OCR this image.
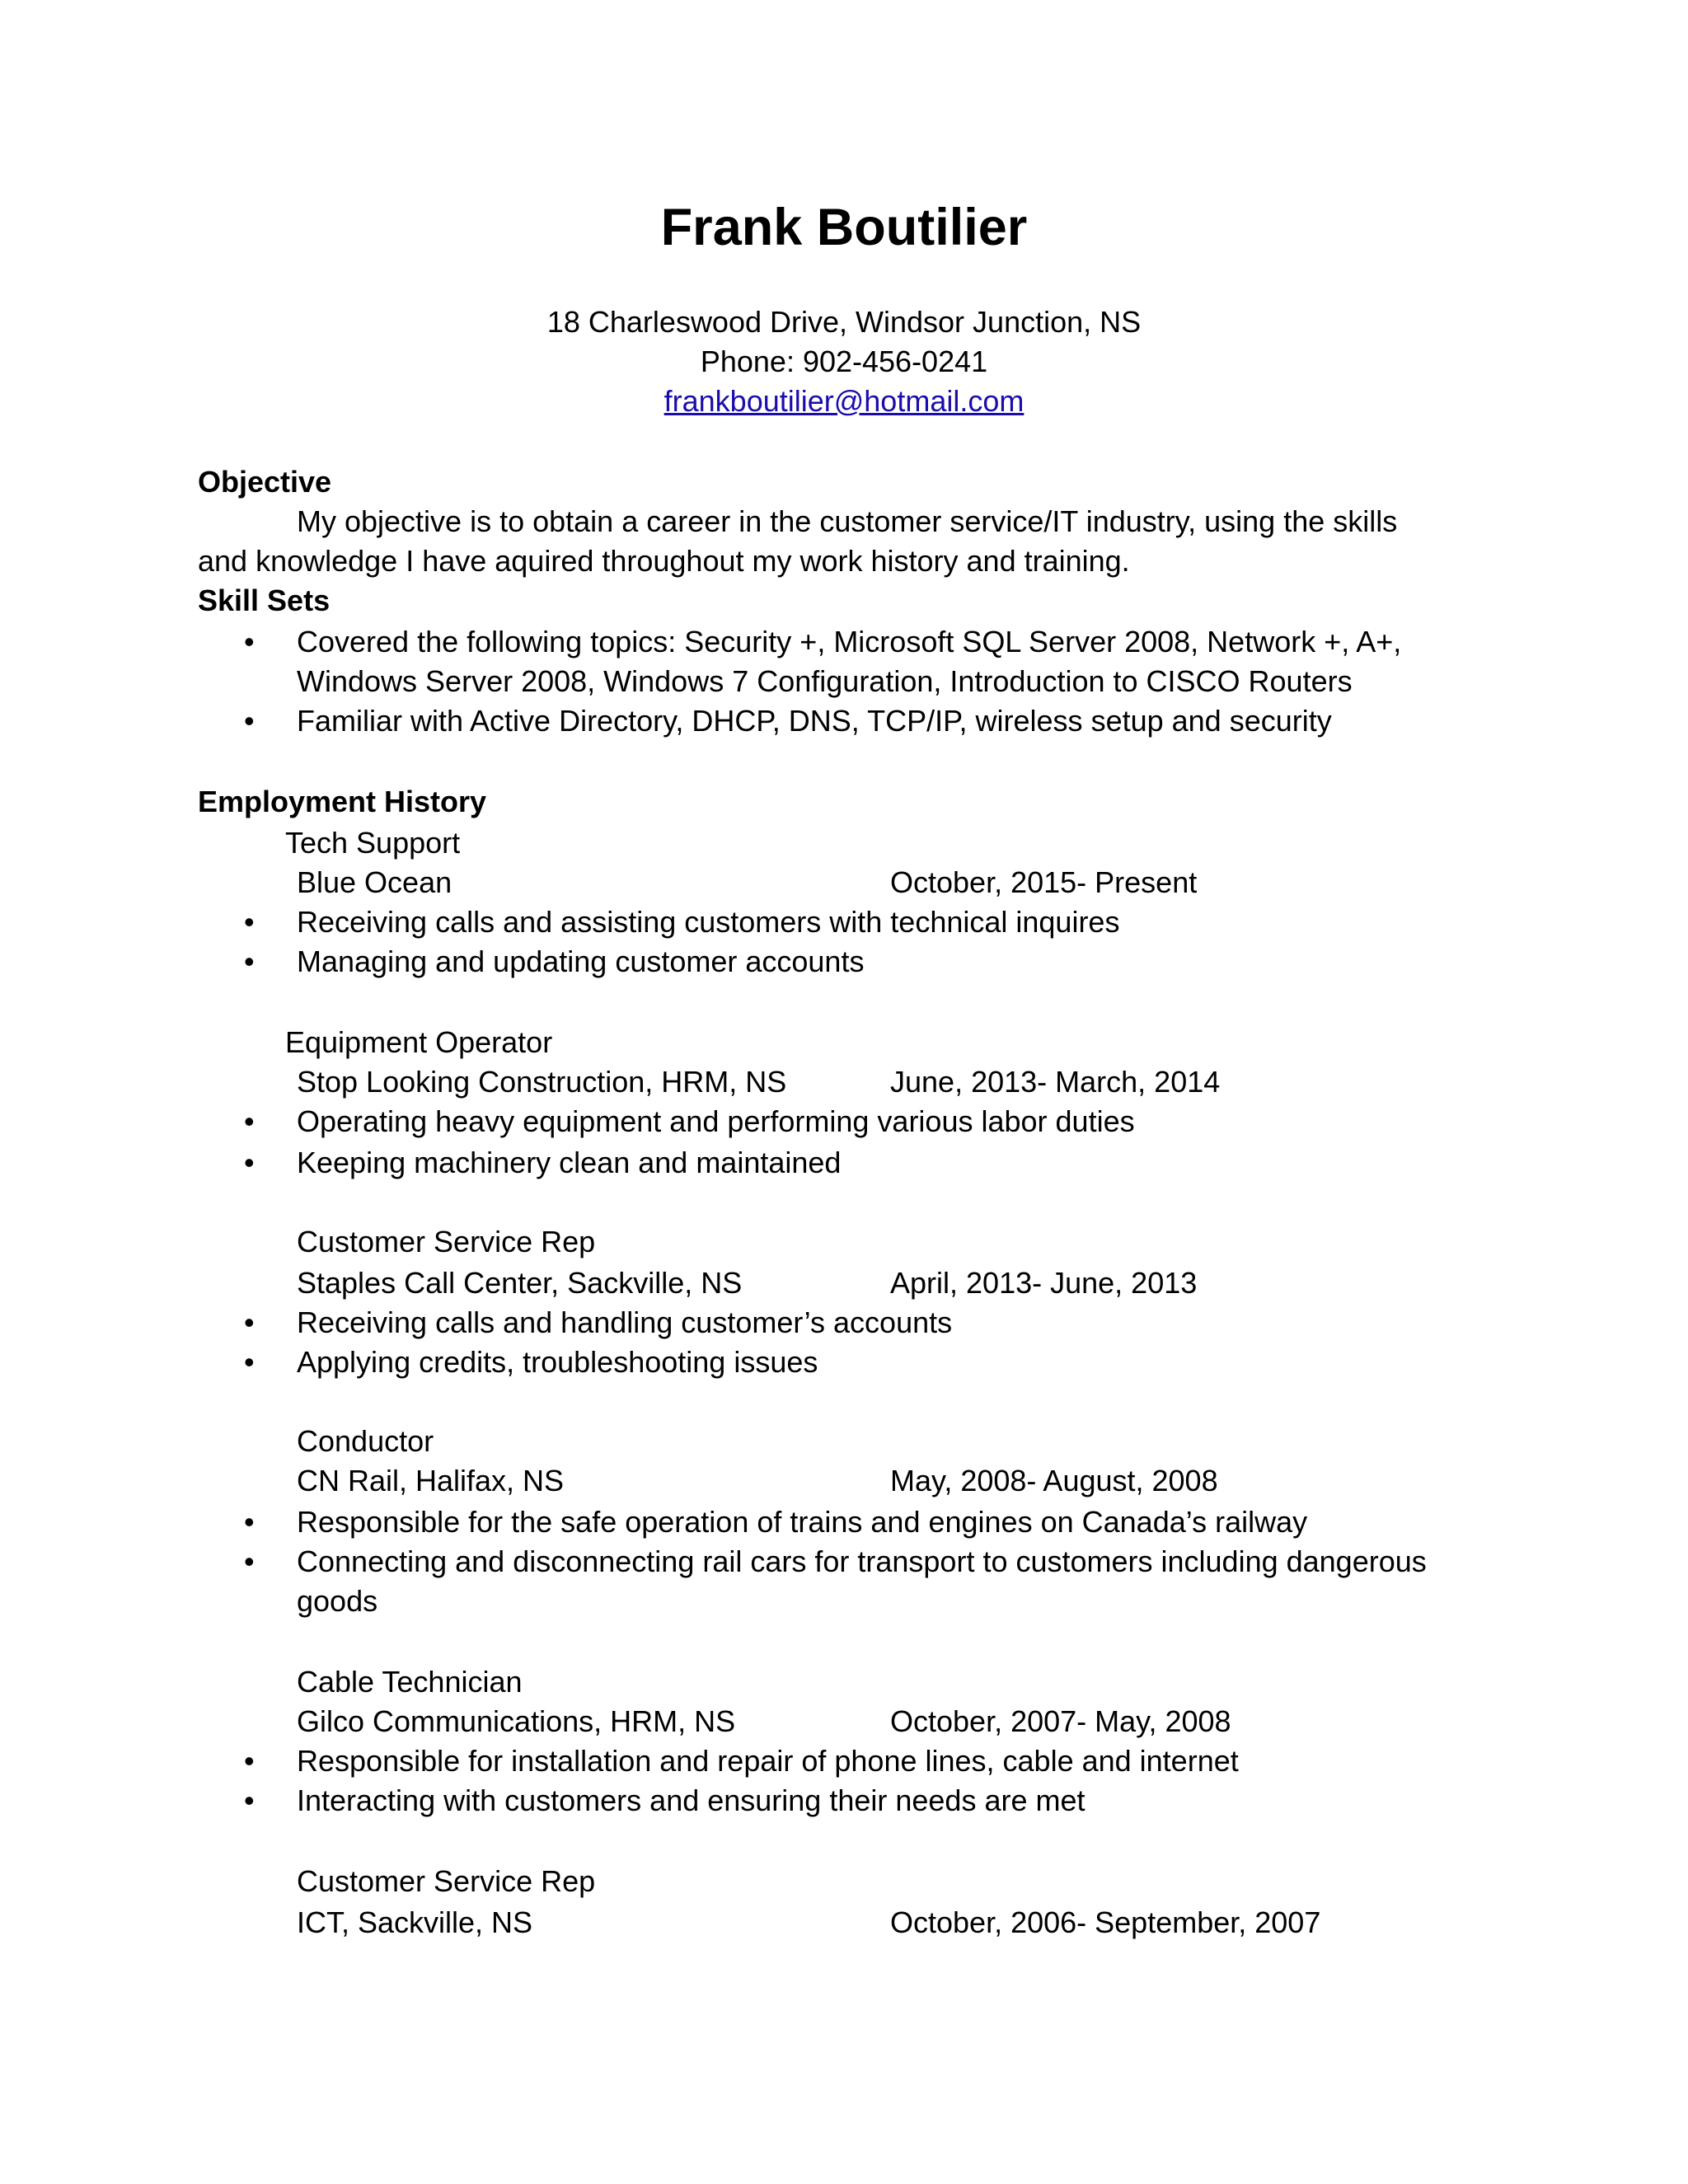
Frank Boutilier
18 Charleswood Drive, Windsor Junction, NS
Phone: 902-456-0241
frankboutilier@hotmail.com
Objective
My objective is to obtain a career in the customer service/IT industry, using the skills
and knowledge I have aquired throughout my work history and training.
Skill Sets
• Covered the following topics: Security +, Microsoft SQL Server 2008, Network +, A+,
Windows Server 2008, Windows 7 Configuration, Introduction to CISCO Routers
• Familiar with Active Directory, DHCP, DNS, TCP/IP, wireless setup and security
Employment History
Tech Support
Blue Ocean	October, 2015- Present
• Receiving calls and assisting customers with technical inquires
• Managing and updating customer accounts
Equipment Operator
Stop Looking Construction, HRM, NS	June, 2013- March, 2014
• Operating heavy equipment and performing various labor duties
• Keeping machinery clean and maintained
Customer Service Rep
Staples Call Center, Sackville, NS	April, 2013- June, 2013
• Receiving calls and handling customer’s accounts
• Applying credits, troubleshooting issues
Conductor
CN Rail, Halifax, NS	May, 2008- August, 2008
• Responsible for the safe operation of trains and engines on Canada’s railway
• Connecting and disconnecting rail cars for transport to customers including dangerous
goods
Cable Technician
Gilco Communications, HRM, NS	October, 2007- May, 2008
• Responsible for installation and repair of phone lines, cable and internet
• Interacting with customers and ensuring their needs are met
Customer Service Rep
ICT, Sackville, NS	October, 2006- September, 2007
